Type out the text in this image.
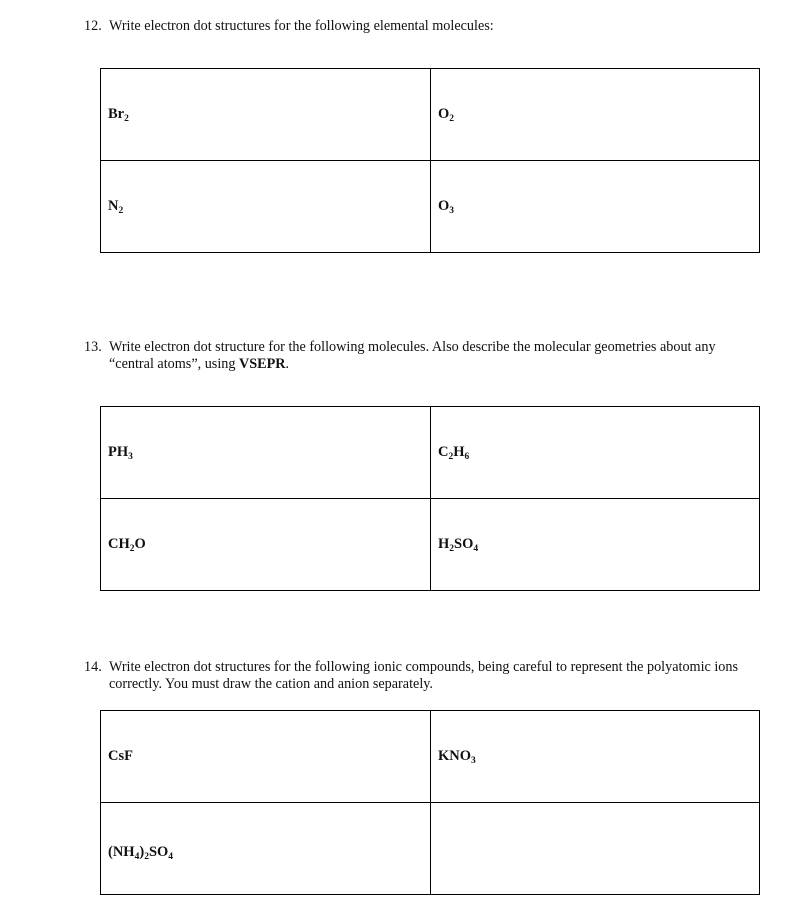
12. Write electron dot structures for the following elemental molecules:
$Br_2$	$O_2$
$N_2$	$O_3$
13. Write electron dot structure for the following molecules. Also describe the molecular geometries about any “central atoms”, using VSEPR.
$PH_3$	$C_2H_6$
$CH_2O$	$H_2SO_4$
14. Write electron dot structures for the following ionic compounds, being careful to represent the polyatomic ions correctly. You must draw the cation and anion separately.
CsF	$KNO_3$
$(NH_4)_2SO_4$	
